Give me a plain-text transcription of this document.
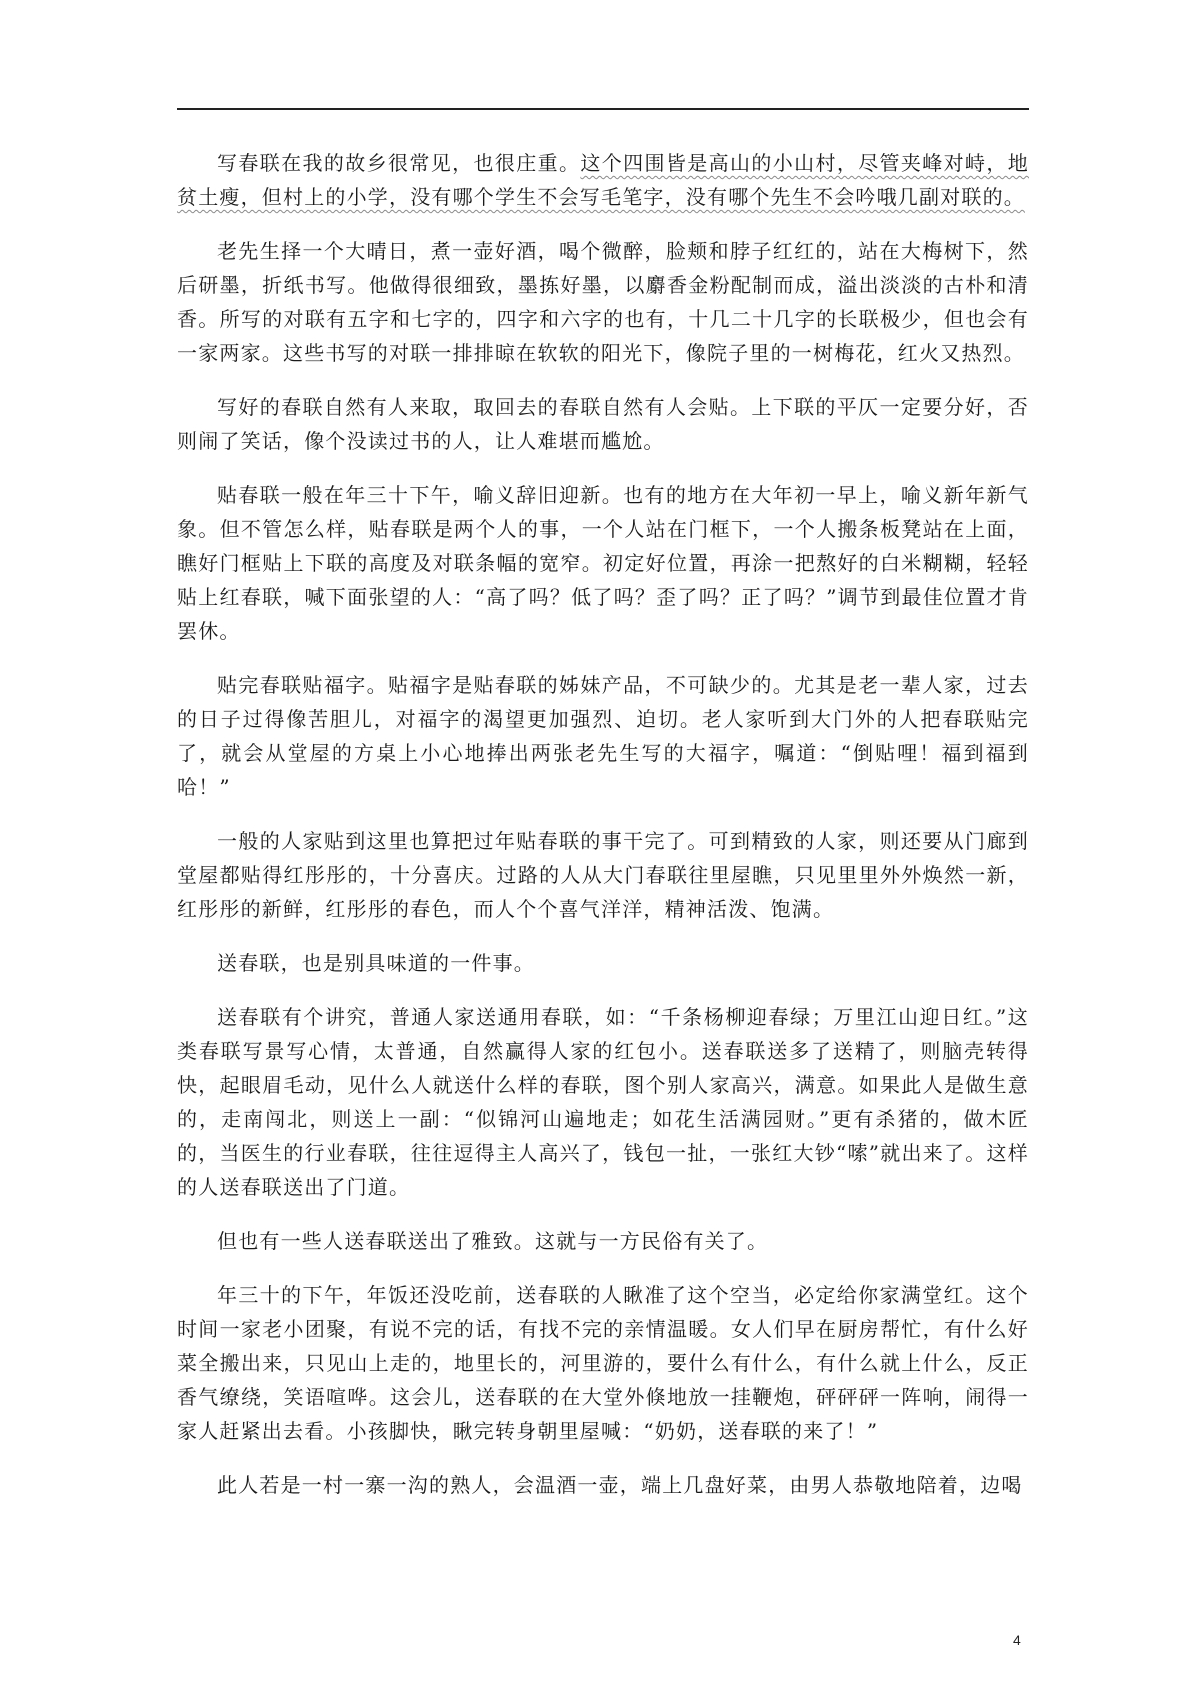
写春联在我的故乡很常见，也很庄重。这个四围皆是高山的小山村，尽管夹峰对峙，地贫土瘦，但村上的小学，没有哪个学生不会写毛笔字，没有哪个先生不会吟哦几副对联的。

老先生择一个大晴日，煮一壶好酒，喝个微醉，脸颊和脖子红红的，站在大梅树下，然后研墨，折纸书写。他做得很细致，墨拣好墨，以麝香金粉配制而成，溢出淡淡的古朴和清香。所写的对联有五字和七字的，四字和六字的也有，十几二十几字的长联极少，但也会有一家两家。这些书写的对联一排排晾在软软的阳光下，像院子里的一树梅花，红火又热烈。

写好的春联自然有人来取，取回去的春联自然有人会贴。上下联的平仄一定要分好，否则闹了笑话，像个没读过书的人，让人难堪而尴尬。

贴春联一般在年三十下午，喻义辞旧迎新。也有的地方在大年初一早上，喻义新年新气象。但不管怎么样，贴春联是两个人的事，一个人站在门框下，一个人搬条板凳站在上面，瞧好门框贴上下联的高度及对联条幅的宽窄。初定好位置，再涂一把熬好的白米糊糊，轻轻贴上红春联，喊下面张望的人：“高了吗？低了吗？歪了吗？正了吗？”调节到最佳位置才肯罢休。

贴完春联贴福字。贴福字是贴春联的姊妹产品，不可缺少的。尤其是老一辈人家，过去的日子过得像苦胆儿，对福字的渴望更加强烈、迫切。老人家听到大门外的人把春联贴完了，就会从堂屋的方桌上小心地捧出两张老先生写的大福字，嘱道：“倒贴哩！福到福到哈！”

一般的人家贴到这里也算把过年贴春联的事干完了。可到精致的人家，则还要从门廊到堂屋都贴得红彤彤的，十分喜庆。过路的人从大门春联往里屋瞧，只见里里外外焕然一新，红彤彤的新鲜，红彤彤的春色，而人个个喜气洋洋，精神活泼、饱满。

送春联，也是别具味道的一件事。

送春联有个讲究，普通人家送通用春联，如：“千条杨柳迎春绿；万里江山迎日红。”这类春联写景写心情，太普通，自然赢得人家的红包小。送春联送多了送精了，则脑壳转得快，起眼眉毛动，见什么人就送什么样的春联，图个别人家高兴，满意。如果此人是做生意的，走南闯北，则送上一副：“似锦河山遍地走；如花生活满园财。”更有杀猪的，做木匠的，当医生的行业春联，往往逗得主人高兴了，钱包一扯，一张红大钞“嗦”就出来了。这样的人送春联送出了门道。

但也有一些人送春联送出了雅致。这就与一方民俗有关了。

年三十的下午，年饭还没吃前，送春联的人瞅准了这个空当，必定给你家满堂红。这个时间一家老小团聚，有说不完的话，有找不完的亲情温暖。女人们早在厨房帮忙，有什么好菜全搬出来，只见山上走的，地里长的，河里游的，要什么有什么，有什么就上什么，反正香气缭绕，笑语喧哗。这会儿，送春联的在大堂外倏地放一挂鞭炮，砰砰砰一阵响，闹得一家人赶紧出去看。小孩脚快，瞅完转身朝里屋喊：“奶奶，送春联的来了！”

此人若是一村一寨一沟的熟人，会温酒一壶，端上几盘好菜，由男人恭敬地陪着，边喝

4
